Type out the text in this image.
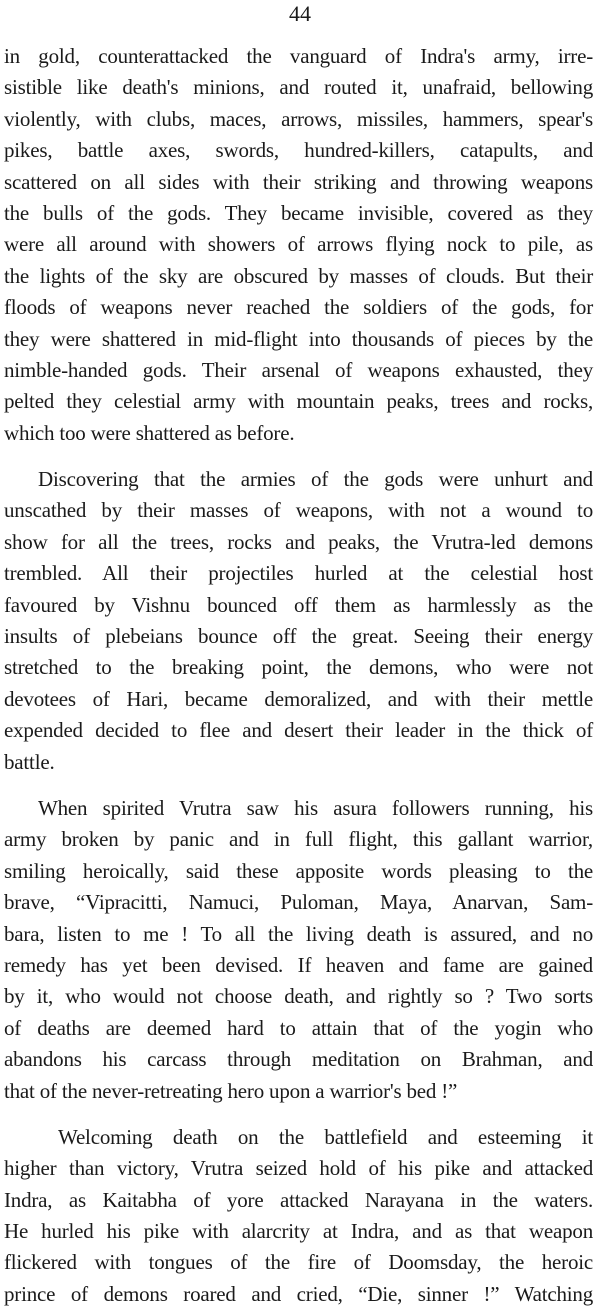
44
in gold, counterattacked the vanguard of Indra's army, irre-
sistible like death's minions, and routed it, unafraid, bellowing
violently, with clubs, maces, arrows, missiles, hammers, spear's
pikes, battle axes, swords, hundred-killers, catapults, and
scattered on all sides with their striking and throwing weapons
the bulls of the gods. They became invisible, covered as they
were all around with showers of arrows flying nock to pile, as
the lights of the sky are obscured by masses of clouds. But their
floods of weapons never reached the soldiers of the gods, for
they were shattered in mid-flight into thousands of pieces by the
nimble-handed gods. Their arsenal of weapons exhausted, they
pelted they celestial army with mountain peaks, trees and rocks,
which too were shattered as before.
Discovering that the armies of the gods were unhurt and
unscathed by their masses of weapons, with not a wound to
show for all the trees, rocks and peaks, the Vrutra-led demons
trembled. All their projectiles hurled at the celestial host
favoured by Vishnu bounced off them as harmlessly as the
insults of plebeians bounce off the great. Seeing their energy
stretched to the breaking point, the demons, who were not
devotees of Hari, became demoralized, and with their mettle
expended decided to flee and desert their leader in the thick of
battle.
When spirited Vrutra saw his asura followers running, his
army broken by panic and in full flight, this gallant warrior,
smiling heroically, said these apposite words pleasing to the
brave, “Vipracitti, Namuci, Puloman, Maya, Anarvan, Sam-
bara, listen to me ! To all the living death is assured, and no
remedy has yet been devised. If heaven and fame are gained
by it, who would not choose death, and rightly so ? Two sorts
of deaths are deemed hard to attain that of the yogin who
abandons his carcass through meditation on Brahman, and
that of the never-retreating hero upon a warrior's bed !”
Welcoming death on the battlefield and esteeming it
higher than victory, Vrutra seized hold of his pike and attacked
Indra, as Kaitabha of yore attacked Narayana in the waters.
He hurled his pike with alarcrity at Indra, and as that weapon
flickered with tongues of the fire of Doomsday, the heroic
prince of demons roared and cried, “Die, sinner !” Watching
